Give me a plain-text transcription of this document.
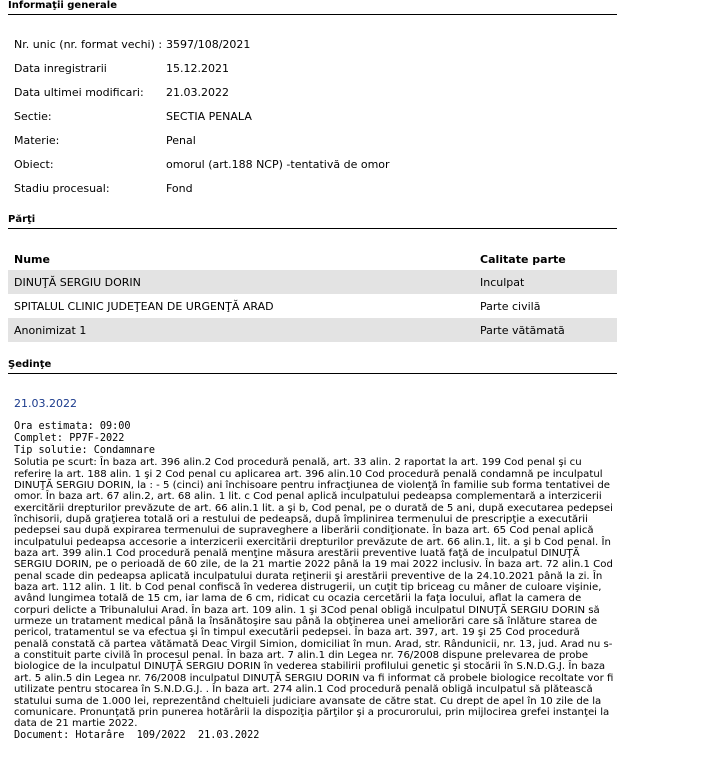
Informaţii generale
Nr. unic (nr. format vechi) : 3597/108/2021
Data inregistrarii	15.12.2021
Data ultimei modificari:	21.03.2022
Sectie:	SECTIA PENALA
Materie:	Penal
Obiect:	omorul (art.188 NCP) -tentativă de omor
Stadiu procesual:	Fond
Părţi
Nume	Calitate parte
DINUŢĂ SERGIU DORIN	Inculpat
SPITALUL CLINIC JUDEŢEAN DE URGENŢĂ ARAD	Parte civilă
Anonimizat 1	Parte vătămată
Şedinţe
21.03.2022
Ora estimata: 09:00
Complet: PP7F-2022
Tip solutie: Condamnare
Solutia pe scurt: În baza art. 396 alin.2 Cod procedură penală, art. 33 alin. 2 raportat la art. 199 Cod penal şi cu referire la art. 188 alin. 1 şi 2 Cod penal cu aplicarea art. 396 alin.10 Cod procedură penală condamnă pe inculpatul DINUŢĂ SERGIU DORIN, la : - 5 (cinci) ani închisoare pentru infracţiunea de violenţă în familie sub forma tentativei de omor. În baza art. 67 alin.2, art. 68 alin. 1 lit. c Cod penal aplică inculpatului pedeapsa complementară a interzicerii exercitării drepturilor prevăzute de art. 66 alin.1 lit. a şi b, Cod penal, pe o durată de 5 ani, după executarea pedepsei închisorii, după graţierea totală ori a restului de pedeapsă, după împlinirea termenului de prescripţie a executării pedepsei sau după expirarea termenului de supraveghere a liberării condiţionate. În baza art. 65 Cod penal aplică inculpatului pedeapsa accesorie a interzicerii exercitării drepturilor prevăzute de art. 66 alin.1, lit. a şi b Cod penal. În baza art. 399 alin.1 Cod procedură penală menţine măsura arestării preventive luată faţă de inculpatul DINUŢĂ SERGIU DORIN, pe o perioadă de 60 zile, de la 21 martie 2022 până la 19 mai 2022 inclusiv. În baza art. 72 alin.1 Cod penal scade din pedeapsa aplicată inculpatului durata reţinerii şi arestării preventive de la 24.10.2021 până la zi. În baza art. 112 alin. 1 lit. b Cod penal confiscă în vederea distrugerii, un cuţit tip briceag cu mâner de culoare vişinie, având lungimea totală de 15 cm, iar lama de 6 cm, ridicat cu ocazia cercetării la faţa locului, aflat la camera de corpuri delicte a Tribunalului Arad. În baza art. 109 alin. 1 şi 3Cod penal obligă inculpatul DINUŢĂ SERGIU DORIN să urmeze un tratament medical până la însănătoşire sau până la obţinerea unei ameliorări care să înlăture starea de pericol, tratamentul se va efectua şi în timpul executării pedepsei. În baza art. 397, art. 19 şi 25 Cod procedură penală constată că partea vătămată Deac Virgil Simion, domiciliat în mun. Arad, str. Rândunicii, nr. 13, jud. Arad nu s-a constituit parte civilă în procesul penal. În baza art. 7 alin.1 din Legea nr. 76/2008 dispune prelevarea de probe biologice de la inculpatul DINUŢĂ SERGIU DORIN în vederea stabilirii profilului genetic şi stocării în S.N.D.G.J. În baza art. 5 alin.5 din Legea nr. 76/2008 inculpatul DINUŢĂ SERGIU DORIN va fi informat că probele biologice recoltate vor fi utilizate pentru stocarea în S.N.D.G.J. . În baza art. 274 alin.1 Cod procedură penală obligă inculpatul să plătească statului suma de 1.000 lei, reprezentând cheltuieli judiciare avansate de către stat. Cu drept de apel în 10 zile de la comunicare. Pronunţată prin punerea hotărârii la dispoziţia părţilor şi a procurorului, prin mijlocirea grefei instanţei la data de 21 martie 2022.
Document: Hotarâre  109/2022  21.03.2022
